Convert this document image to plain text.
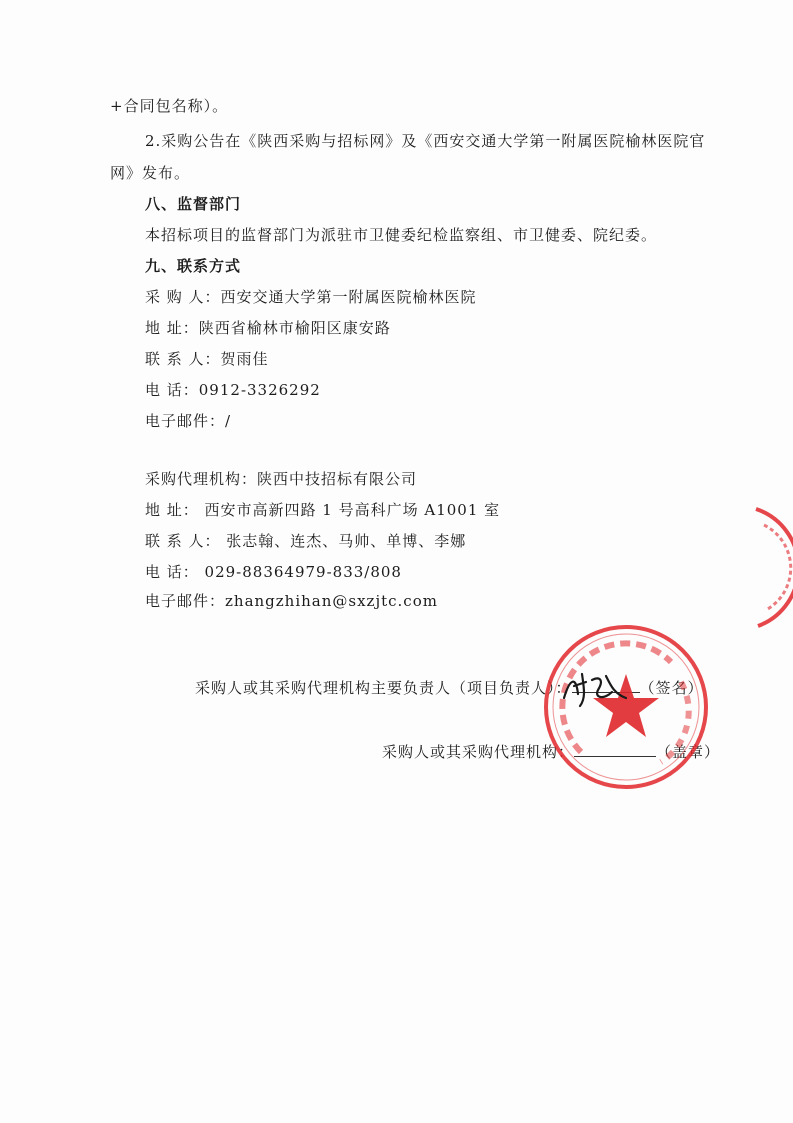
+合同包名称）。
2.采购公告在《陕西采购与招标网》及《西安交通大学第一附属医院榆林医院官
网》发布。
八、监督部门
本招标项目的监督部门为派驻市卫健委纪检监察组、市卫健委、院纪委。
九、联系方式
采 购 人：西安交通大学第一附属医院榆林医院
地 址：陕西省榆林市榆阳区康安路
联 系 人：贺雨佳
电 话：0912-3326292
电子邮件：/
采购代理机构：陕西中技招标有限公司
地 址： 西安市高新四路 1 号高科广场 A1001 室
联 系 人： 张志翰、连杰、马帅、单博、李娜
电 话： 029-88364979-833/808
电子邮件：zhangzhihan@sxzjtc.com
采购人或其采购代理机构主要负责人（项目负责人）：	（签名）
采购人或其采购代理机构：	（盖章）
